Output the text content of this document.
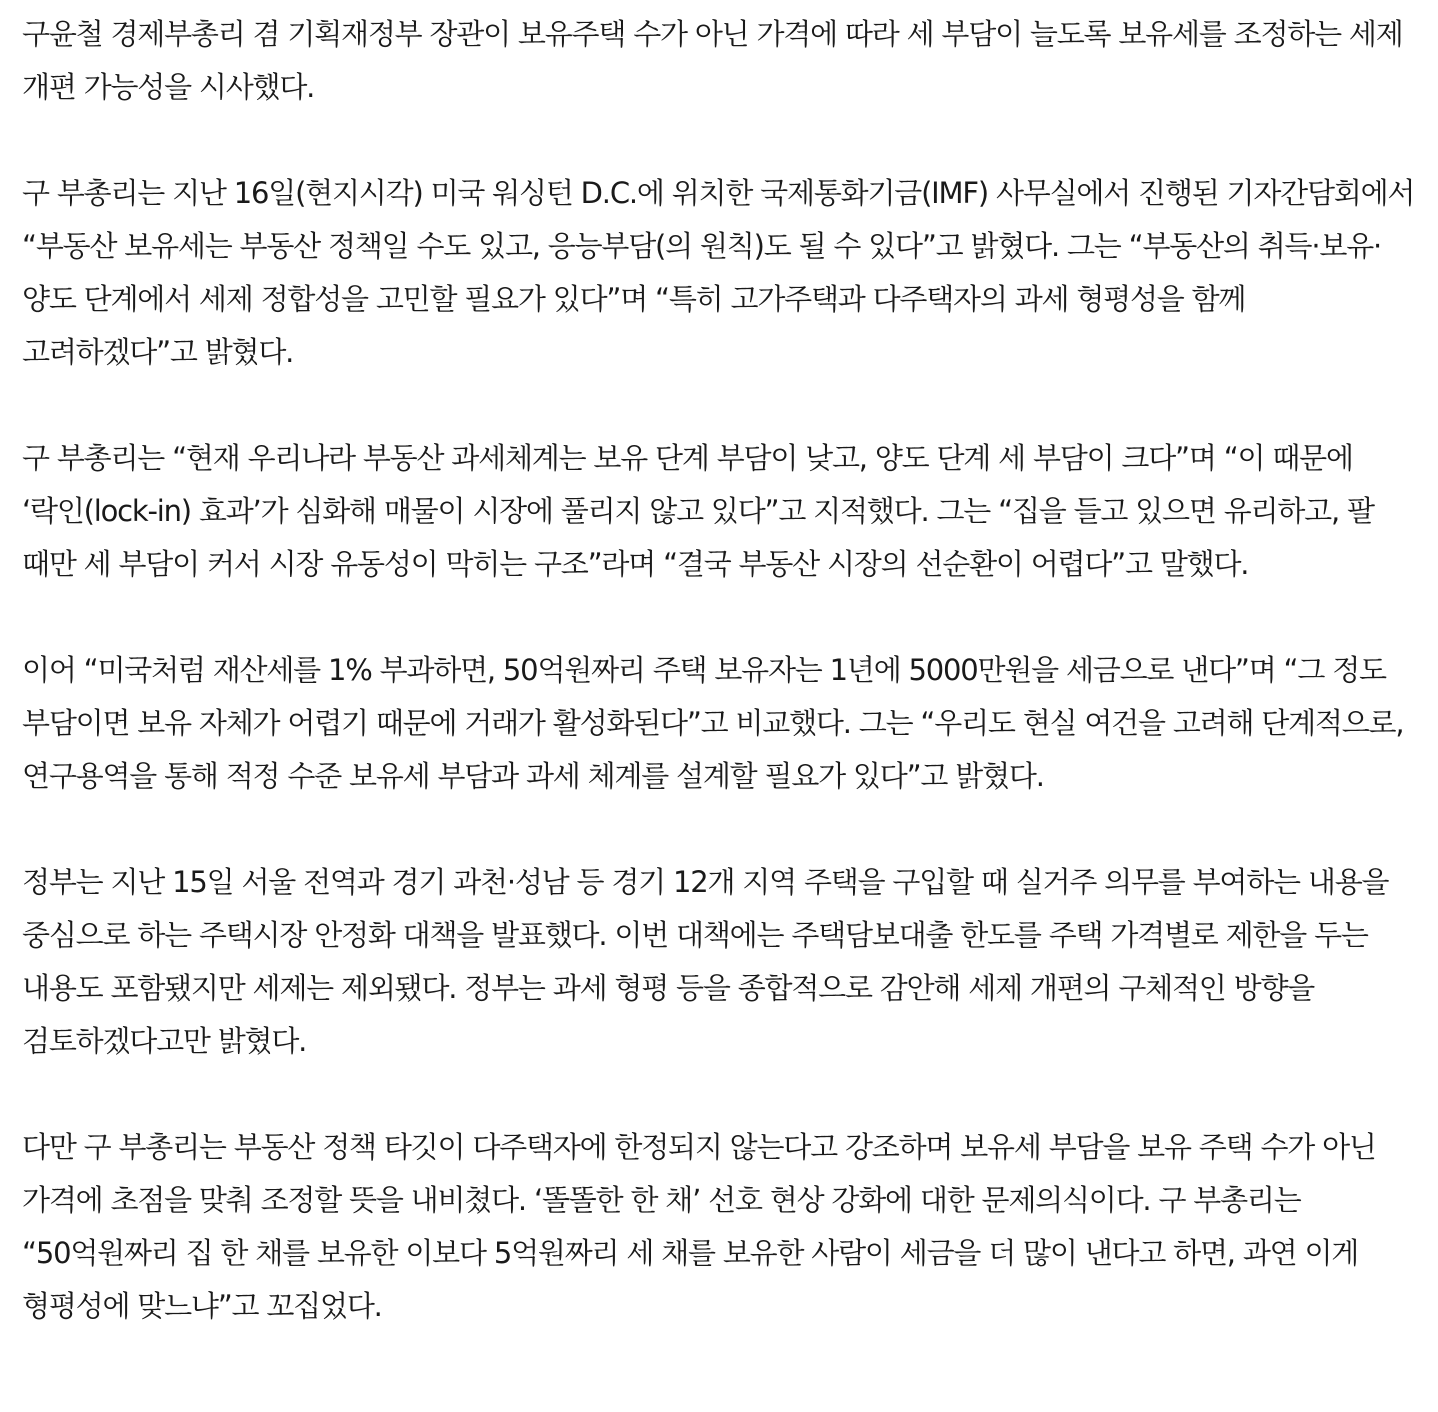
구윤철 경제부총리 겸 기획재정부 장관이 보유주택 수가 아닌 가격에 따라 세 부담이 늘도록 보유세를 조정하는 세제 개편 가능성을 시사했다.

구 부총리는 지난 16일(현지시각) 미국 워싱턴 D.C.에 위치한 국제통화기금(IMF) 사무실에서 진행된 기자간담회에서 “부동산 보유세는 부동산 정책일 수도 있고, 응능부담(의 원칙)도 될 수 있다”고 밝혔다. 그는 “부동산의 취득·보유·양도 단계에서 세제 정합성을 고민할 필요가 있다”며 “특히 고가주택과 다주택자의 과세 형평성을 함께 고려하겠다”고 밝혔다.

구 부총리는 “현재 우리나라 부동산 과세체계는 보유 단계 부담이 낮고, 양도 단계 세 부담이 크다”며 “이 때문에 ‘락인(lock-in) 효과’가 심화해 매물이 시장에 풀리지 않고 있다”고 지적했다. 그는 “집을 들고 있으면 유리하고, 팔 때만 세 부담이 커서 시장 유동성이 막히는 구조”라며 “결국 부동산 시장의 선순환이 어렵다”고 말했다.

이어 “미국처럼 재산세를 1% 부과하면, 50억원짜리 주택 보유자는 1년에 5000만원을 세금으로 낸다”며 “그 정도 부담이면 보유 자체가 어렵기 때문에 거래가 활성화된다”고 비교했다. 그는 “우리도 현실 여건을 고려해 단계적으로, 연구용역을 통해 적정 수준 보유세 부담과 과세 체계를 설계할 필요가 있다”고 밝혔다.

정부는 지난 15일 서울 전역과 경기 과천·성남 등 경기 12개 지역 주택을 구입할 때 실거주 의무를 부여하는 내용을 중심으로 하는 주택시장 안정화 대책을 발표했다. 이번 대책에는 주택담보대출 한도를 주택 가격별로 제한을 두는 내용도 포함됐지만 세제는 제외됐다. 정부는 과세 형평 등을 종합적으로 감안해 세제 개편의 구체적인 방향을 검토하겠다고만 밝혔다.

다만 구 부총리는 부동산 정책 타깃이 다주택자에 한정되지 않는다고 강조하며 보유세 부담을 보유 주택 수가 아닌 가격에 초점을 맞춰 조정할 뜻을 내비쳤다. ‘똘똘한 한 채’ 선호 현상 강화에 대한 문제의식이다. 구 부총리는 “50억원짜리 집 한 채를 보유한 이보다 5억원짜리 세 채를 보유한 사람이 세금을 더 많이 낸다고 하면, 과연 이게 형평성에 맞느냐”고 꼬집었다.
